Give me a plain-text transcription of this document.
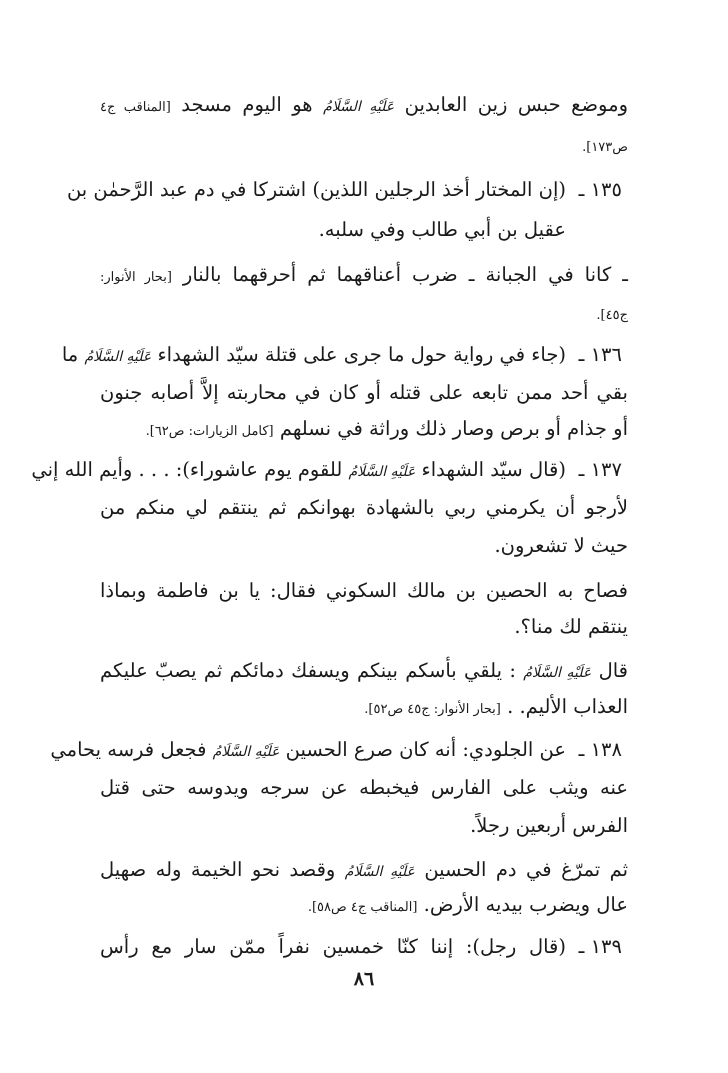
وموضع حبس زين العابدين عَلَيْهِ السَّلَامُ هو اليوم مسجد [المناقب ج٤
ص١٧٣].
١٣٥ ـ
(إن المختار أخذ الرجلين اللذين) اشتركا في دم عبد الرَّحمٰن بن
عقيل بن أبي طالب وفي سلبه.
ـ كانا في الجبانة ـ ضرب أعناقهما ثم أحرقهما بالنار [بحار الأنوار:
ج٤٥].
١٣٦ ـ
(جاء في رواية حول ما جرى على قتلة سيّد الشهداء عَلَيْهِ السَّلَامُ ما
بقي أحد ممن تابعه على قتله أو كان في محاربته إلاَّ أصابه جنون
أو جذام أو برص وصار ذلك وراثة في نسلهم [كامل الزيارات: ص٦٢].
١٣٧ ـ
(قال سيّد الشهداء عَلَيْهِ السَّلَامُ للقوم يوم عاشوراء): . . . وأيم الله إني
لأرجو أن يكرمني ربي بالشهادة بهوانكم ثم ينتقم لي منكم من
حيث لا تشعرون.
فصاح به الحصين بن مالك السكوني فقال: يا بن فاطمة وبماذا
ينتقم لك منا؟.
قال عَلَيْهِ السَّلَامُ : يلقي بأسكم بينكم ويسفك دمائكم ثم يصبّ عليكم
العذاب الأليم. . [بحار الأنوار: ج٤٥ ص٥٢].
١٣٨ ـ
عن الجلودي: أنه كان صرع الحسين عَلَيْهِ السَّلَامُ فجعل فرسه يحامي
عنه ويثب على الفارس فيخبطه عن سرجه ويدوسه حتى قتل
الفرس أربعين رجلاً.
ثم تمرّغ في دم الحسين عَلَيْهِ السَّلَامُ وقصد نحو الخيمة وله صهيل
عال ويضرب بيديه الأرض. [المناقب ج٤ ص٥٨].
١٣٩ ـ
(قال رجل): إننا كنّا خمسين نفراً ممّن سار مع رأس
٨٦
